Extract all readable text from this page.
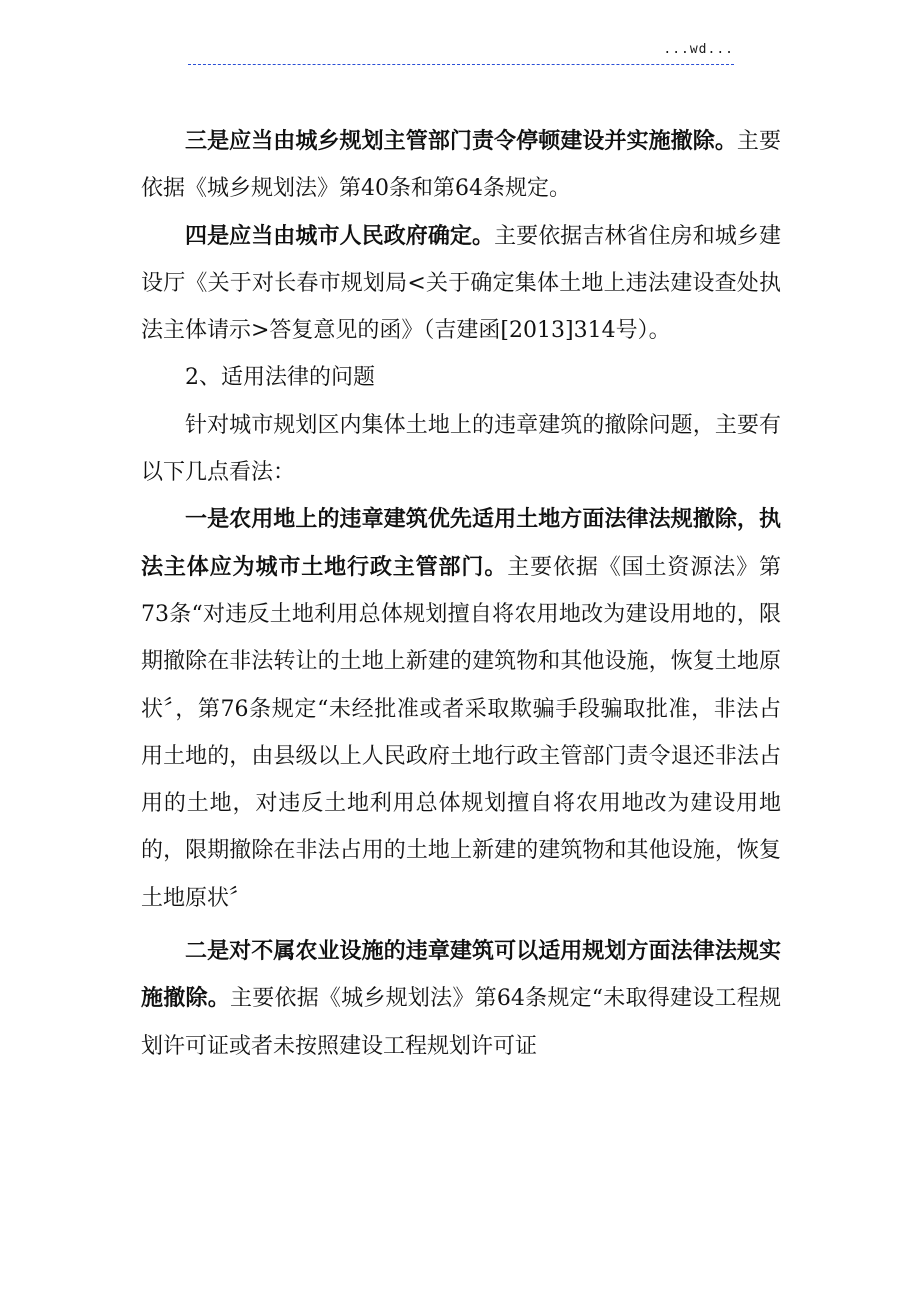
...wd...

三是应当由城乡规划主管部门责令停顿建设并实施撤除。主要依据《城乡规划法》第40条和第64条规定。

四是应当由城市人民政府确定。主要依据吉林省住房和城乡建设厅《关于对长春市规划局<关于确定集体土地上违法建设查处执法主体请示>答复意见的函》（吉建函[2013]314号）。

2、适用法律的问题

针对城市规划区内集体土地上的违章建筑的撤除问题，主要有以下几点看法：

一是农用地上的违章建筑优先适用土地方面法律法规撤除，执法主体应为城市土地行政主管部门。主要依据《国土资源法》第73条“对违反土地利用总体规划擅自将农用地改为建设用地的，限期撤除在非法转让的土地上新建的建筑物和其他设施，恢复土地原状〞，第76条规定“未经批准或者采取欺骗手段骗取批准，非法占用土地的，由县级以上人民政府土地行政主管部门责令退还非法占用的土地，对违反土地利用总体规划擅自将农用地改为建设用地的，限期撤除在非法占用的土地上新建的建筑物和其他设施，恢复土地原状〞

二是对不属农业设施的违章建筑可以适用规划方面法律法规实施撤除。主要依据《城乡规划法》第64条规定“未取得建设工程规划许可证或者未按照建设工程规划许可证
